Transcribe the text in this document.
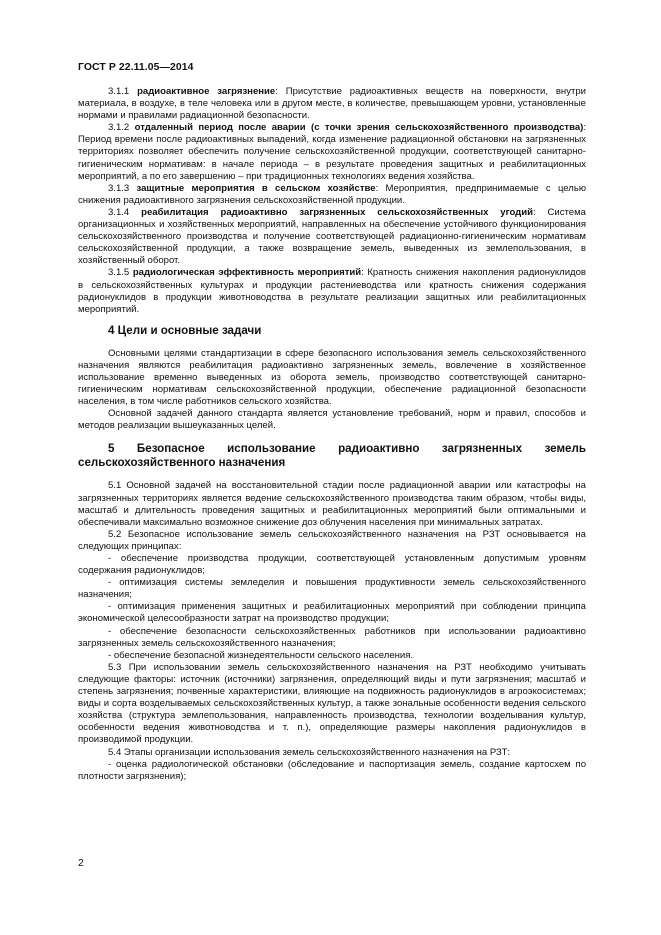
ГОСТ Р 22.11.05—2014

3.1.1 радиоактивное загрязнение: Присутствие радиоактивных веществ на поверхности, внутри материала, в воздухе, в теле человека или в другом месте, в количестве, превышающем уровни, установленные нормами и правилами радиационной безопасности.

3.1.2 отдаленный период после аварии (с точки зрения сельскохозяйственного производства): Период времени после радиоактивных выпадений, когда изменение радиационной обстановки на загрязненных территориях позволяет обеспечить получение сельскохозяйственной продукции, соответствующей санитарно-гигиеническим нормативам: в начале периода – в результате проведения защитных и реабилитационных мероприятий, а по его завершению – при традиционных технологиях ведения хозяйства.

3.1.3 защитные мероприятия в сельском хозяйстве: Мероприятия, предпринимаемые с целью снижения радиоактивного загрязнения сельскохозяйственной продукции.

3.1.4 реабилитация радиоактивно загрязненных сельскохозяйственных угодий: Система организационных и хозяйственных мероприятий, направленных на обеспечение устойчивого функционирования сельскохозяйственного производства и получение соответствующей радиационно-гигиеническим нормативам сельскохозяйственной продукции, а также возвращение земель, выведенных из землепользования, в хозяйственный оборот.

3.1.5 радиологическая эффективность мероприятий: Кратность снижения накопления радионуклидов в сельскохозяйственных культурах и продукции растениеводства или кратность снижения содержания радионуклидов в продукции животноводства в результате реализации защитных или реабилитационных мероприятий.

4 Цели и основные задачи

Основными целями стандартизации в сфере безопасного использования земель сельскохозяйственного назначения являются реабилитация радиоактивно загрязненных земель, вовлечение в хозяйственное использование временно выведенных из оборота земель, производство соответствующей санитарно-гигиеническим нормативам сельскохозяйственной продукции, обеспечение радиационной безопасности населения, в том числе работников сельского хозяйства.

Основной задачей данного стандарта является установление требований, норм и правил, способов и методов реализации вышеуказанных целей.

5 Безопасное использование радиоактивно загрязненных земель сельскохозяйственного назначения

5.1 Основной задачей на восстановительной стадии после радиационной аварии или катастрофы на загрязненных территориях является ведение сельскохозяйственного производства таким образом, чтобы виды, масштаб и длительность проведения защитных и реабилитационных мероприятий были оптимальными и обеспечивали максимально возможное снижение доз облучения населения при минимальных затратах.

5.2 Безопасное использование земель сельскохозяйственного назначения на РЗТ основывается на следующих принципах:

- обеспечение производства продукции, соответствующей установленным допустимым уровням содержания радионуклидов;

- оптимизация системы земледелия и повышения продуктивности земель сельскохозяйственного назначения;

- оптимизация применения защитных и реабилитационных мероприятий при соблюдении принципа экономической целесообразности затрат на производство продукции;

- обеспечение безопасности сельскохозяйственных работников при использовании радиоактивно загрязненных земель сельскохозяйственного назначения;

- обеспечение безопасной жизнедеятельности сельского населения.

5.3 При использовании земель сельскохозяйственного назначения на РЗТ необходимо учитывать следующие факторы: источник (источники) загрязнения, определяющий виды и пути загрязнения; масштаб и степень загрязнения; почвенные характеристики, влияющие на подвижность радионуклидов в агроэкосистемах; виды и сорта возделываемых сельскохозяйственных культур, а также зональные особенности ведения сельского хозяйства (структура землепользования, направленность производства, технологии возделывания культур, особенности ведения животноводства и т. п.), определяющие размеры накопления радионуклидов в производимой продукции.

5.4 Этапы организации использования земель сельскохозяйственного назначения на РЗТ:

- оценка радиологической обстановки (обследование и паспортизация земель, создание картосхем по плотности загрязнения);

2
